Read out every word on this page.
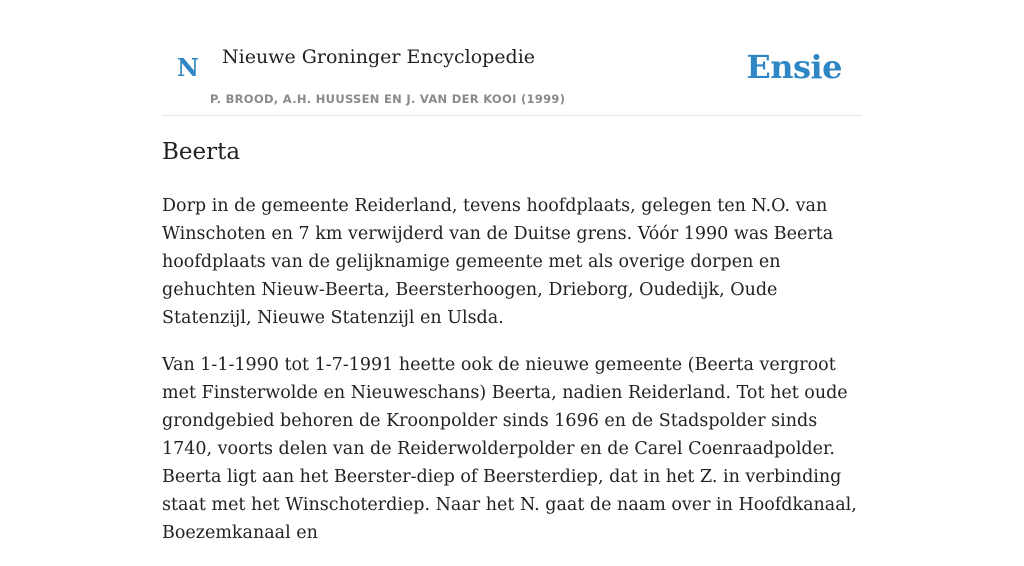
N Nieuwe Groninger Encyclopedie
P. BROOD, A.H. HUUSSEN EN J. VAN DER KOOI (1999)
Ensie
Beerta

Dorp in de gemeente Reiderland, tevens hoofdplaats, gelegen ten N.O. van Winschoten en 7 km verwijderd van de Duitse grens. Vóór 1990 was Beerta hoofdplaats van de gelijknamige gemeente met als overige dorpen en gehuchten Nieuw-Beerta, Beersterhoogen, Drieborg, Oudedijk, Oude Statenzijl, Nieuwe Statenzijl en Ulsda.

Van 1-1-1990 tot 1-7-1991 heette ook de nieuwe gemeente (Beerta vergroot met Finsterwolde en Nieuweschans) Beerta, nadien Reiderland. Tot het oude grondgebied behoren de Kroonpolder sinds 1696 en de Stadspolder sinds 1740, voorts delen van de Reiderwolderpolder en de Carel Coenraadpolder. Beerta ligt aan het Beerster-diep of Beersterdiep, dat in het Z. in verbinding staat met het Winschoterdiep. Naar het N. gaat de naam over in Hoofdkanaal, Boezemkanaal en
